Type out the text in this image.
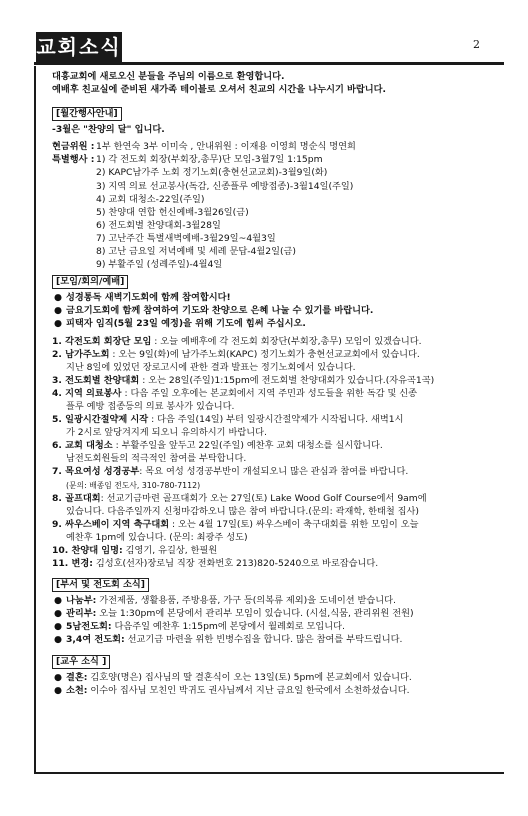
교회소식	2
대흥교회에 새로오신 분들을 주님의 이름으로 환영합니다.
예배후 친교실에 준비된 새가족 테이블로 오셔서 친교의 시간을 나누시기 바랍니다.
[월간행사안내]
-3월은 "찬양의 달" 입니다.
현금위원 : 1부 한연숙 3부 이미숙 , 안내위원 : 이재용 이영희 명순식 명연희
특별행사 : 1) 각 전도회 회장(부회장,총무)단 모임-3월7일 1:15pm
2) KAPC남가주 노회 정기노회(충현선교교회)-3월9일(화)
3) 지역 의료 선교봉사(독감, 신종플루 예방접종)-3월14일(주일)
4) 교회 대청소-22일(주일)
5) 찬양대 연합 헌신예배-3월26일(금)
6) 전도회별 찬양대회-3월28일
7) 고난주간 특별새벽예배-3월29일~4월3일
8) 고난 금요일 저녁예배 및 세례 문답-4월2일(금)
9) 부활주일 (성례주일)-4월4일
[모임/회의/예배]
● 성경통독 새벽기도회에 함께 참여합시다!
● 금요기도회에 함께 참여하여 기도와 찬양으로 은혜 나눌 수 있기를 바랍니다.
● 피택자 임직(5월 23일 예정)을 위해 기도에 힘써 주십시오.
1. 각전도회 회장단 모임 : 오늘 예배후에 각 전도회 회장단(부회장,총무) 모임이 있겠습니다.
2. 남가주노회 : 오는 9일(화)에 남가주노회(KAPC) 정기노회가 충현선교교회에서 있습니다.
지난 8일에 있었던 장로고시에 관한 결과 발표는 정기노회에서 있습니다.
3. 전도회별 찬양대회 : 오는 28일(주일)1:15pm에 전도회별 찬양대회가 있습니다.(자유곡1곡)
4. 지역 의료봉사 : 다음 주일 오후에는 본교회에서 지역 주민과 성도들을 위한 독감 및 신종
플루 예방 접종등의 의료 봉사가 있습니다.
5. 일광시간절약제 시작 : 다음 주일(14일) 부터 일광시간절약제가 시작됩니다. 새벽1시
가 2시로 앞당겨지게 되오니 유의하시기 바랍니다.
6. 교회 대청소 : 부활주일을 앞두고 22일(주일) 예찬후 교회 대청소를 실시합니다.
남전도회원들의 적극적인 참여를 부탁합니다.
7. 목요여성 성경공부: 목요 여성 성경공부반이 개설되오니 많은 관심과 참여를 바랍니다.
(문의: 배종임 전도사, 310-780-7112)
8. 골프대회: 선교기금마련 골프대회가 오는 27일(토) Lake Wood Golf Course에서 9am에
있습니다. 다음주일까지 신청마감하오니 많은 참여 바랍니다.(문의: 곽재학, 한태철 집사)
9. 싸우스베이 지역 축구대회 : 오는 4월 17일(토) 싸우스베이 축구대회를 위한 모임이 오늘
예찬후 1pm에 있습니다. (문의: 최광주 성도)
10. 찬양대 임명: 김영기, 유길상, 한필원
11. 변경: 김성호(선자)장로님 직장 전화번호 213)820-5240으로 바로잡습니다.
[부서 및 전도회 소식]
● 나눔부: 가전제품, 생활용품, 주방용품, 가구 등(의복류 제외)을 도네이션 받습니다.
● 관리부: 오늘 1:30pm에 본당에서 관리부 모임이 있습니다. (시설,식뭄, 관리위원 전원)
● 5남전도회: 다음주일 예찬후 1:15pm에 본당에서 월례회로 모입니다.
● 3,4여 전도회: 선교기금 마련을 위한 빈병수집을 합니다. 많은 참여를 부탁드립니다.
[교우 소식 ]
● 결혼: 김호양(명은) 집사님의 딸 결혼식이 오는 13일(토) 5pm에 본교회에서 있습니다.
● 소천: 이수아 집사님 모친인 박귀도 권사님께서 지난 금요일 한국에서 소천하셨습니다.
